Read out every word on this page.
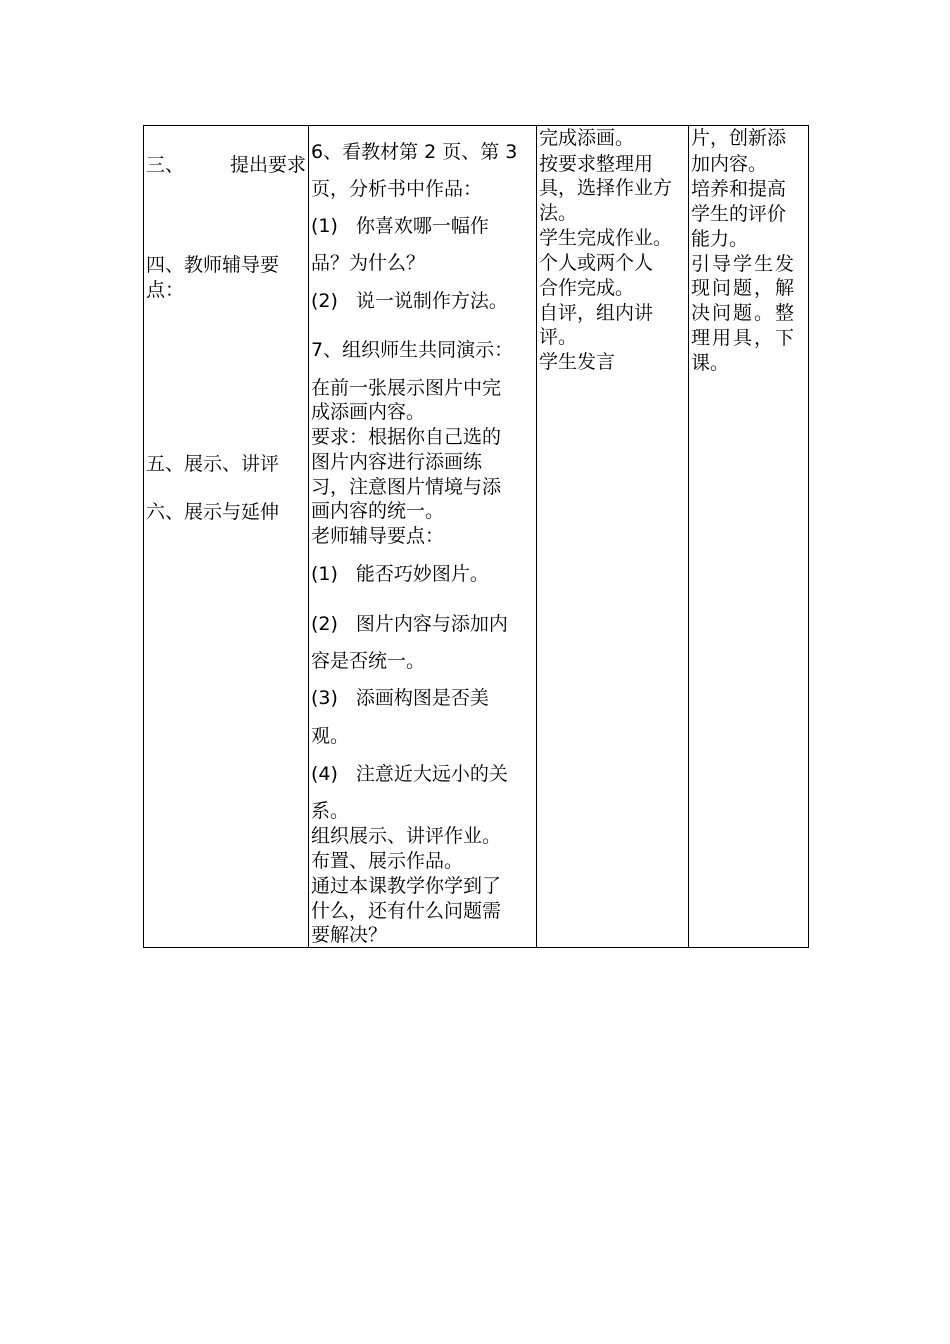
三、 提出要求
四、教师辅导要
点：
五、展示、讲评
六、展示与延伸

6、看教材第 2 页、第 3
页，分析书中作品：
(1) 你喜欢哪一幅作
品？为什么？
(2) 说一说制作方法。
7、组织师生共同演示：
在前一张展示图片中完
成添画内容。
要求：根据你自己选的
图片内容进行添画练
习，注意图片情境与添
画内容的统一。
老师辅导要点：
(1) 能否巧妙图片。
(2) 图片内容与添加内
容是否统一。
(3) 添画构图是否美
观。
(4) 注意近大远小的关
系。
组织展示、讲评作业。
布置、展示作品。
通过本课教学你学到了
什么，还有什么问题需
要解决？

完成添画。
按要求整理用
具，选择作业方
法。
学生完成作业。
个人或两个人
合作完成。
自评，组内讲
评。
学生发言

片，创新添
加内容。
培养和提高
学生的评价
能力。
引导学生发
现问题，解
决问题。整
理用具，下
课。
